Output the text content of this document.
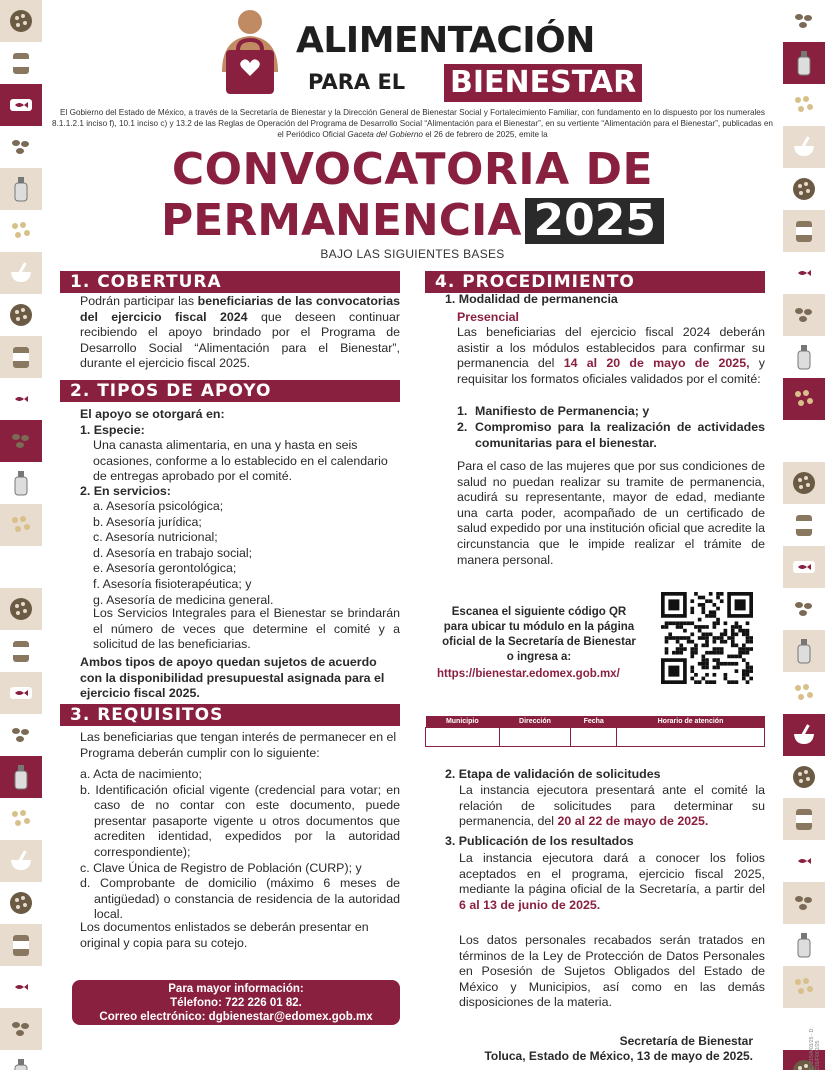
ALIMENTACIÓN
PARA EL BIENESTAR
El Gobierno del Estado de México, a través de la Secretaría de Bienestar y la Dirección General de Bienestar Social y Fortalecimiento Familiar, con fundamento en lo dispuesto por los numerales 8.1.1.2.1 inciso f), 10.1 inciso c) y 13.2 de las Reglas de Operación del Programa de Desarrollo Social “Alimentación para el Bienestar”, en su vertiente “Alimentación para el Bienestar”, publicadas en el Periódico Oficial Gaceta del Gobierno el 26 de febrero de 2025, emite la
CONVOCATORIA DE
PERMANENCIA 2025
BAJO LAS SIGUIENTES BASES
1. COBERTURA
Podrán participar las beneficiarias de las convocatorias del ejercicio fiscal 2024 que deseen continuar recibiendo el apoyo brindado por el Programa de Desarrollo Social “Alimentación para el Bienestar”, durante el ejercicio fiscal 2025.
2. TIPOS DE APOYO
El apoyo se otorgará en:
1. Especie:
Una canasta alimentaria, en una y hasta en seis ocasiones, conforme a lo establecido en el calendario de entregas aprobado por el comité.
2. En servicios:
a. Asesoría psicológica;
b. Asesoría jurídica;
c. Asesoría nutricional;
d. Asesoría en trabajo social;
e. Asesoría gerontológica;
f. Asesoría fisioterapéutica; y
g. Asesoría de medicina general.
Los Servicios Integrales para el Bienestar se brindarán el número de veces que determine el comité y a solicitud de las beneficiarias.
Ambos tipos de apoyo quedan sujetos de acuerdo con la disponibilidad presupuestal asignada para el ejercicio fiscal 2025.
3. REQUISITOS
Las beneficiarias que tengan interés de permanecer en el Programa deberán cumplir con lo siguiente:
a. Acta de nacimiento;
b. Identificación oficial vigente (credencial para votar; en caso de no contar con este documento, puede presentar pasaporte vigente u otros documentos que acrediten identidad, expedidos por la autoridad correspondiente);
c. Clave Única de Registro de Población (CURP); y
d. Comprobante de domicilio (máximo 6 meses de antigüedad) o constancia de residencia de la autoridad local.
Los documentos enlistados se deberán presentar en original y copia para su cotejo.
Para mayor información:
Télefono: 722 226 01 82.
Correo electrónico: dgbienestar@edomex.gob.mx
4. PROCEDIMIENTO
1. Modalidad de permanencia
Presencial
Las beneficiarias del ejercicio fiscal 2024 deberán asistir a los módulos establecidos para confirmar su permanencia del 14 al 20 de mayo de 2025, y requisitar los formatos oficiales validados por el comité:
1. Manifiesto de Permanencia; y
2. Compromiso para la realización de actividades comunitarias para el bienestar.
Para el caso de las mujeres que por sus condiciones de salud no puedan realizar su tramite de permanencia, acudirá su representante, mayor de edad, mediante una carta poder, acompañado de un certificado de salud expedido por una institución oficial que acredite la circunstancia que le impide realizar el trámite de manera personal.
Escanea el siguiente código QR para ubicar tu módulo en la página oficial de la Secretaría de Bienestar o ingresa a:
https://bienestar.edomex.gob.mx/
Municipio	Dirección	Fecha	Horario de atención

2. Etapa de validación de solicitudes
La instancia ejecutora presentará ante el comité la relación de solicitudes para determinar su permanencia, del 20 al 22 de mayo de 2025.
3. Publicación de los resultados
La instancia ejecutora dará a conocer los folios aceptados en el programa, ejercicio fiscal 2025, mediante la página oficial de la Secretaría, a partir del 6 al 13 de junio de 2025.
Los datos personales recabados serán tratados en términos de la Ley de Protección de Datos Personales en Posesión de Sujetos Obligados del Estado de México y Municipios, así como en las demás disposiciones de la materia.
Secretaría de Bienestar
Toluca, Estado de México, 13 de mayo de 2025.	C: 215/A/03/25 · D: 215/F/002/25
